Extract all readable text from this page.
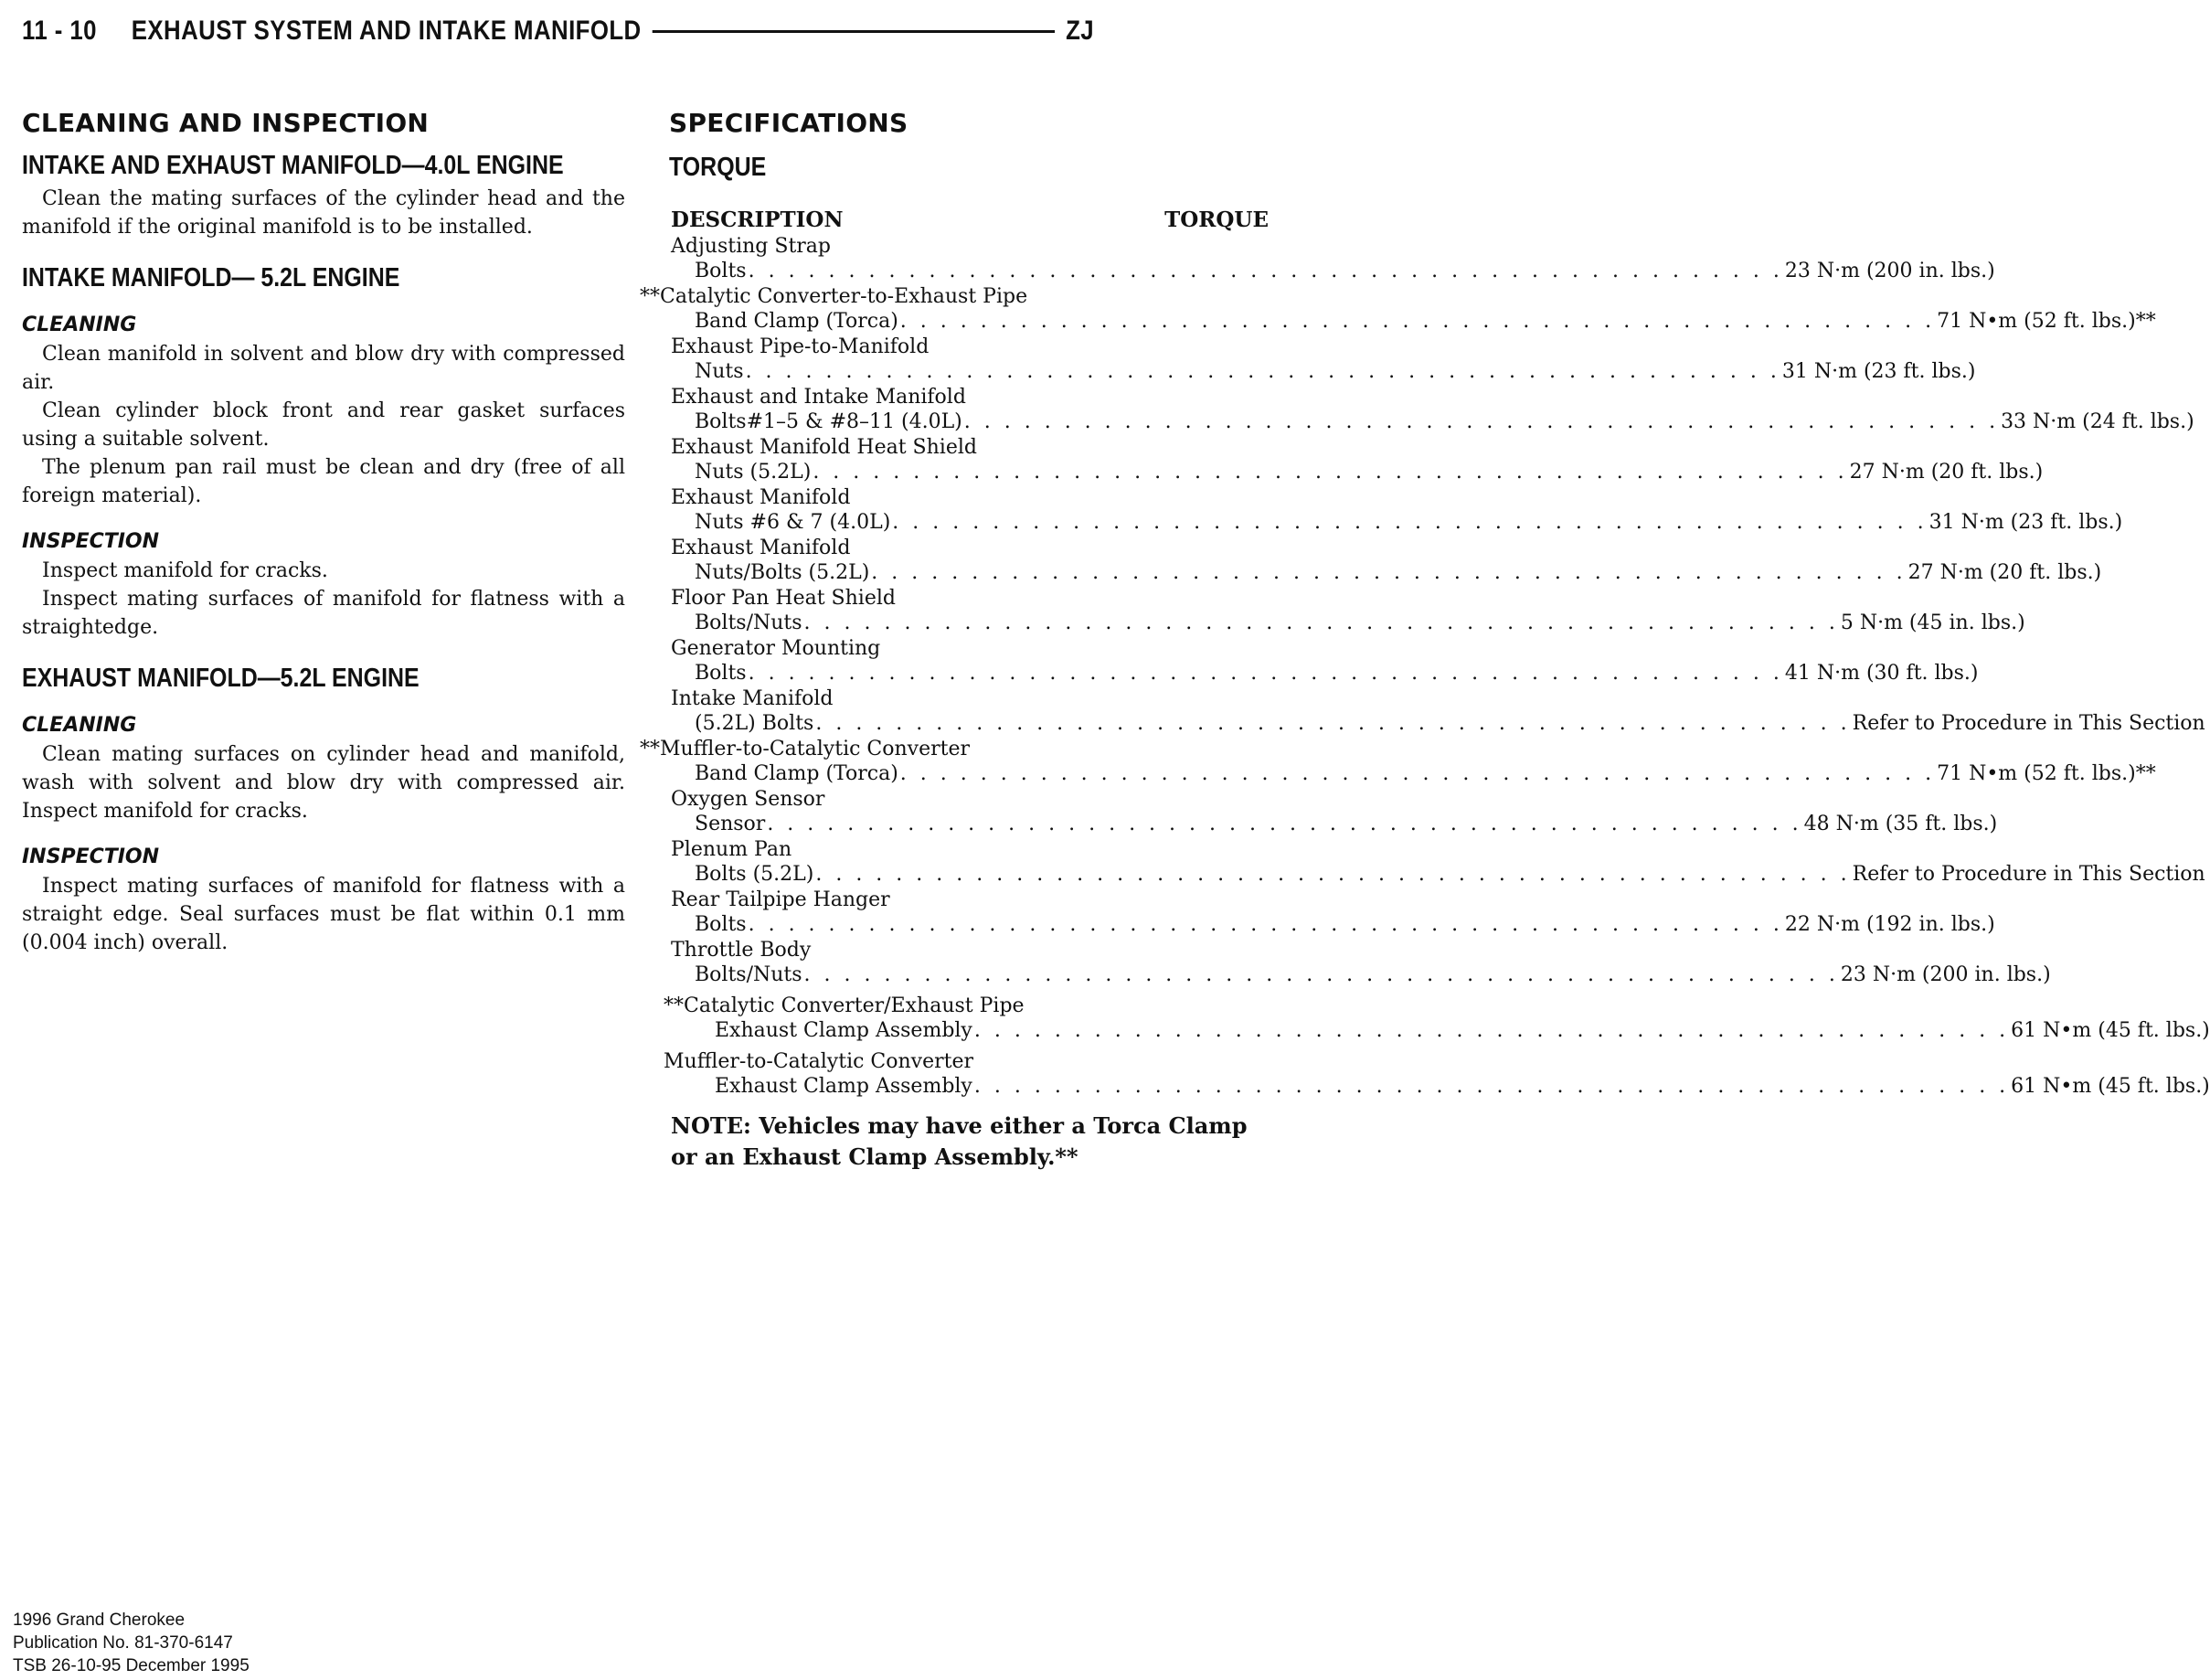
11 - 10 EXHAUST SYSTEM AND INTAKE MANIFOLD	ZJ
CLEANING AND INSPECTION
INTAKE AND EXHAUST MANIFOLD—4.0L ENGINE

Clean the mating surfaces of the cylinder head and the manifold if the original manifold is to be installed.

INTAKE MANIFOLD— 5.2L ENGINE
CLEANING

Clean manifold in solvent and blow dry with compressed air.

Clean cylinder block front and rear gasket surfaces using a suitable solvent.

The plenum pan rail must be clean and dry (free of all foreign material).

INSPECTION

Inspect manifold for cracks.

Inspect mating surfaces of manifold for flatness with a straightedge.

EXHAUST MANIFOLD—5.2L ENGINE
CLEANING

Clean mating surfaces on cylinder head and manifold, wash with solvent and blow dry with compressed air. Inspect manifold for cracks.

INSPECTION

Inspect mating surfaces of manifold for flatness with a straight edge. Seal surfaces must be flat within 0.1 mm (0.004 inch) overall.

SPECIFICATIONS
TORQUE
DESCRIPTION	TORQUE
Adjusting Strap
Bolts . . . . . . . . . . . . . . . . . . . . . . . . . . . . . . . . . . . . . . . . . . . . . . . . . . . . 23 N·m (200 in. lbs.)
**Catalytic Converter-to-Exhaust Pipe
Band Clamp (Torca) . . . . . . . . . . . . . . . . . . . . . . . . . . . . . . . . . . . . . . . . . . . . . . . . . . . . 71 N•m (52 ft. lbs.)**
Exhaust Pipe-to-Manifold
Nuts . . . . . . . . . . . . . . . . . . . . . . . . . . . . . . . . . . . . . . . . . . . . . . . . . . . . 31 N·m (23 ft. lbs.)
Exhaust and Intake Manifold
Bolts#1–5 & #8–11 (4.0L) . . . . . . . . . . . . . . . . . . . . . . . . . . . . . . . . . . . . . . . . . . . . . . . . . . . . 33 N·m (24 ft. lbs.)
Exhaust Manifold Heat Shield
Nuts (5.2L) . . . . . . . . . . . . . . . . . . . . . . . . . . . . . . . . . . . . . . . . . . . . . . . . . . . . 27 N·m (20 ft. lbs.)
Exhaust Manifold
Nuts #6 & 7 (4.0L) . . . . . . . . . . . . . . . . . . . . . . . . . . . . . . . . . . . . . . . . . . . . . . . . . . . . 31 N·m (23 ft. lbs.)
Exhaust Manifold
Nuts/Bolts (5.2L) . . . . . . . . . . . . . . . . . . . . . . . . . . . . . . . . . . . . . . . . . . . . . . . . . . . . 27 N·m (20 ft. lbs.)
Floor Pan Heat Shield
Bolts/Nuts . . . . . . . . . . . . . . . . . . . . . . . . . . . . . . . . . . . . . . . . . . . . . . . . . . . . 5 N·m (45 in. lbs.)
Generator Mounting
Bolts . . . . . . . . . . . . . . . . . . . . . . . . . . . . . . . . . . . . . . . . . . . . . . . . . . . . 41 N·m (30 ft. lbs.)
Intake Manifold
(5.2L) Bolts . . . . . . . . . . . . . . . . . . . . . . . . . . . . . . . . . . . . . . . . . . . . . . . . . . . . Refer to Procedure in This Section
**Muffler-to-Catalytic Converter
Band Clamp (Torca) . . . . . . . . . . . . . . . . . . . . . . . . . . . . . . . . . . . . . . . . . . . . . . . . . . . . 71 N•m (52 ft. lbs.)**
Oxygen Sensor
Sensor . . . . . . . . . . . . . . . . . . . . . . . . . . . . . . . . . . . . . . . . . . . . . . . . . . . . 48 N·m (35 ft. lbs.)
Plenum Pan
Bolts (5.2L) . . . . . . . . . . . . . . . . . . . . . . . . . . . . . . . . . . . . . . . . . . . . . . . . . . . . Refer to Procedure in This Section
Rear Tailpipe Hanger
Bolts . . . . . . . . . . . . . . . . . . . . . . . . . . . . . . . . . . . . . . . . . . . . . . . . . . . . 22 N·m (192 in. lbs.)
Throttle Body
Bolts/Nuts . . . . . . . . . . . . . . . . . . . . . . . . . . . . . . . . . . . . . . . . . . . . . . . . . . . . 23 N·m (200 in. lbs.)
**Catalytic Converter/Exhaust Pipe
Exhaust Clamp Assembly . . . . . . . . . . . . . . . . . . . . . . . . . . . . . . . . . . . . . . . . . . . . . . . . . . . . 61 N•m (45 ft. lbs.)
Muffler-to-Catalytic Converter
Exhaust Clamp Assembly . . . . . . . . . . . . . . . . . . . . . . . . . . . . . . . . . . . . . . . . . . . . . . . . . . . . 61 N•m (45 ft. lbs.)
NOTE: Vehicles may have either a Torca Clamp or an Exhaust Clamp Assembly.**
1996 Grand Cherokee
Publication No. 81-370-6147
TSB 26-10-95 December 1995
